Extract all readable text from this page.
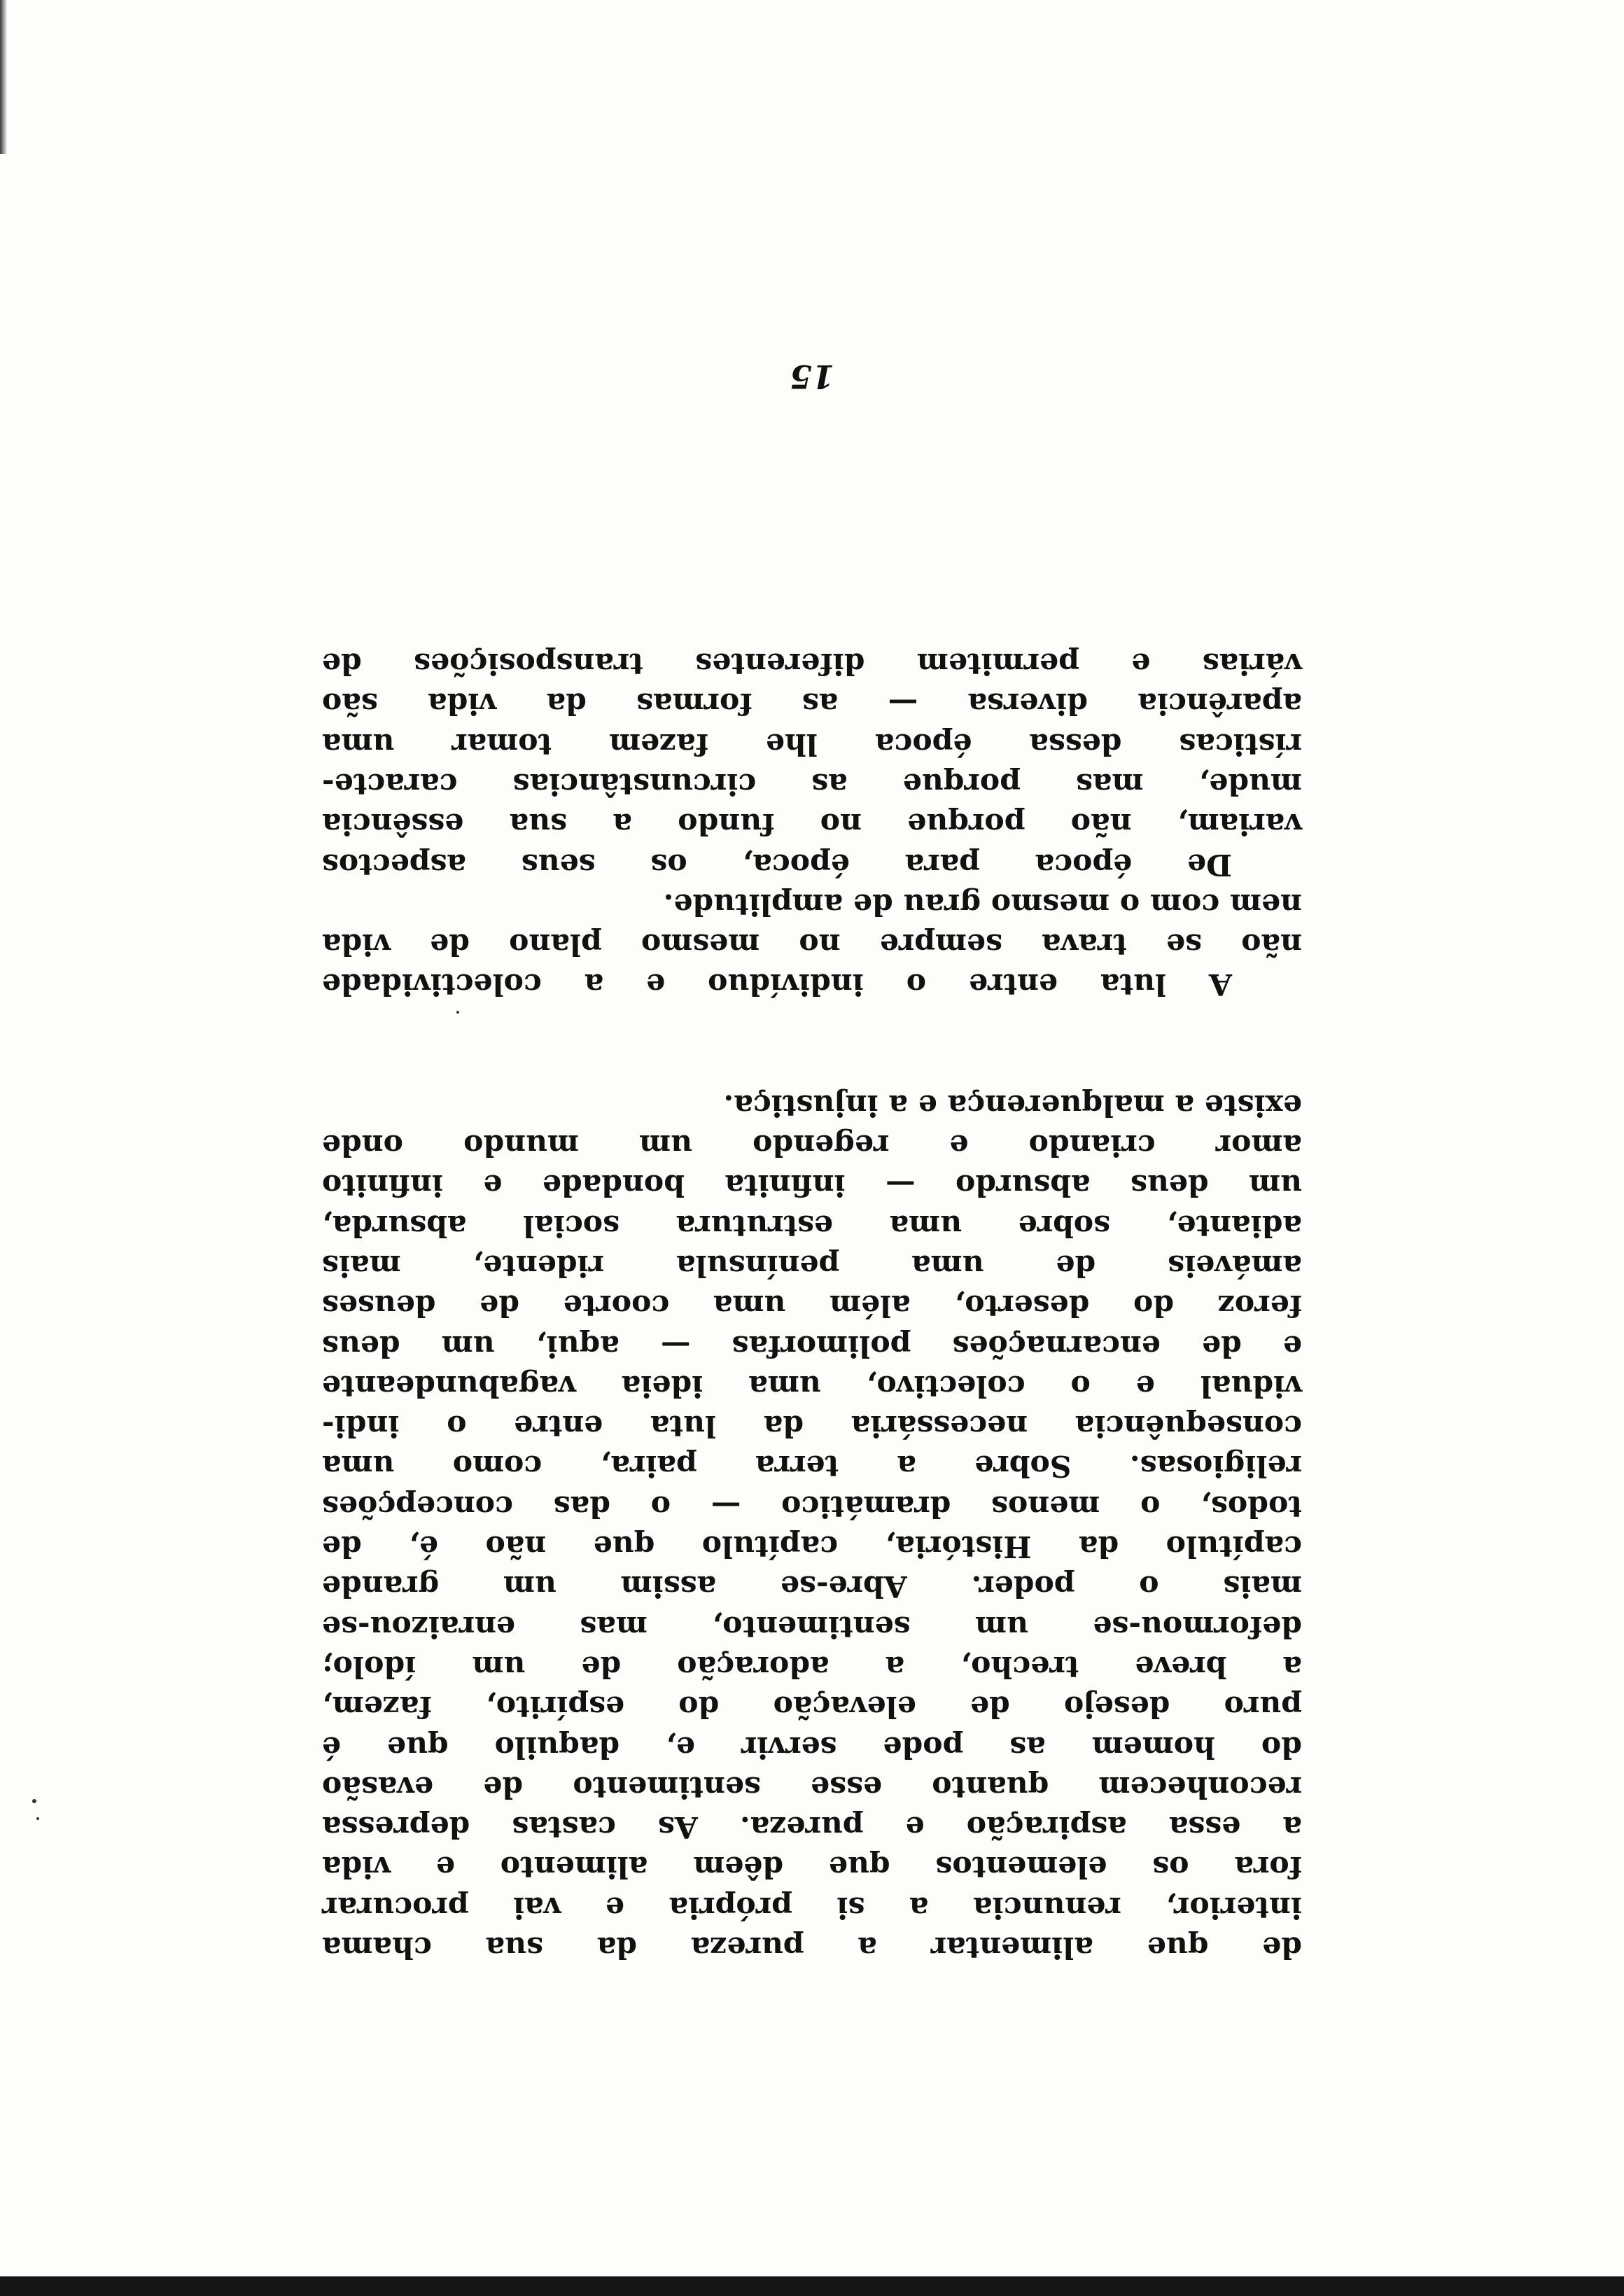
de que alimentar a pureza da sua chama
interior, renuncia a si própria e vai procurar
fora os elementos que dêem alimento e vida
a essa aspiração e pureza. As castas depressa
reconhecem quanto esse sentimento de evasão
do homem as pode servir e, daquilo que é
puro desejo de elevação do espírito, fazem,
a breve trecho, a adoração de um ídolo;
deformou-se um sentimento, mas enraizou-se
mais o poder. Abre-se assim um grande
capítulo da História, capítulo que não é, de
todos, o menos dramático — o das concepções
religiosas. Sobre a terra paira, como uma
consequência necessária da luta entre o indi-
vidual e o colectivo, uma ideia vagabundeante
e de encarnações polimorfas — aqui, um deus
feroz do deserto, além uma coorte de deuses
amáveis de uma península ridente, mais
adiante, sobre uma estrutura social absurda,
um deus absurdo — infinita bondade e infinito
amor criando e regendo um mundo onde
existe a malquerença e a injustiça.
A luta entre o indivíduo e a colectividade
não se trava sempre no mesmo plano de vida
nem com o mesmo grau de amplitude.
De época para época, os seus aspectos
variam, não porque no fundo a sua essência
mude, mas porque as circunstâncias caracte-
rísticas dessa época lhe fazem tomar uma
aparência diversa — as formas da vida são
várias e permitem diferentes transposições de
15
